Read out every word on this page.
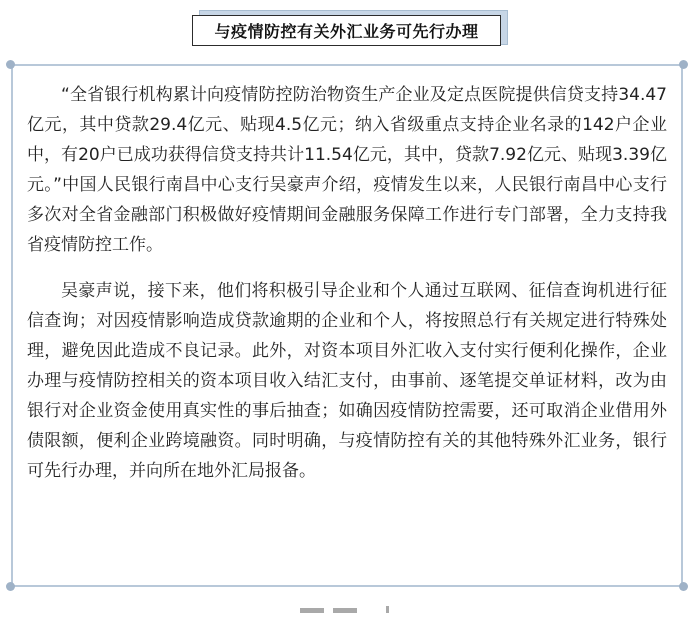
与疫情防控有关外汇业务可先行办理

“全省银行机构累计向疫情防控防治物资生产企业及定点医院提供信贷支持34.47亿元，其中贷款29.4亿元、贴现4.5亿元；纳入省级重点支持企业名录的142户企业中，有20户已成功获得信贷支持共计11.54亿元，其中，贷款7.92亿元、贴现3.39亿元。”中国人民银行南昌中心支行吴豪声介绍，疫情发生以来，人民银行南昌中心支行多次对全省金融部门积极做好疫情期间金融服务保障工作进行专门部署，全力支持我省疫情防控工作。

吴豪声说，接下来，他们将积极引导企业和个人通过互联网、征信查询机进行征信查询；对因疫情影响造成贷款逾期的企业和个人，将按照总行有关规定进行特殊处理，避免因此造成不良记录。此外，对资本项目外汇收入支付实行便利化操作，企业办理与疫情防控相关的资本项目收入结汇支付，由事前、逐笔提交单证材料，改为由银行对企业资金使用真实性的事后抽查；如确因疫情防控需要，还可取消企业借用外债限额，便利企业跨境融资。同时明确，与疫情防控有关的其他特殊外汇业务，银行可先行办理，并向所在地外汇局报备。
